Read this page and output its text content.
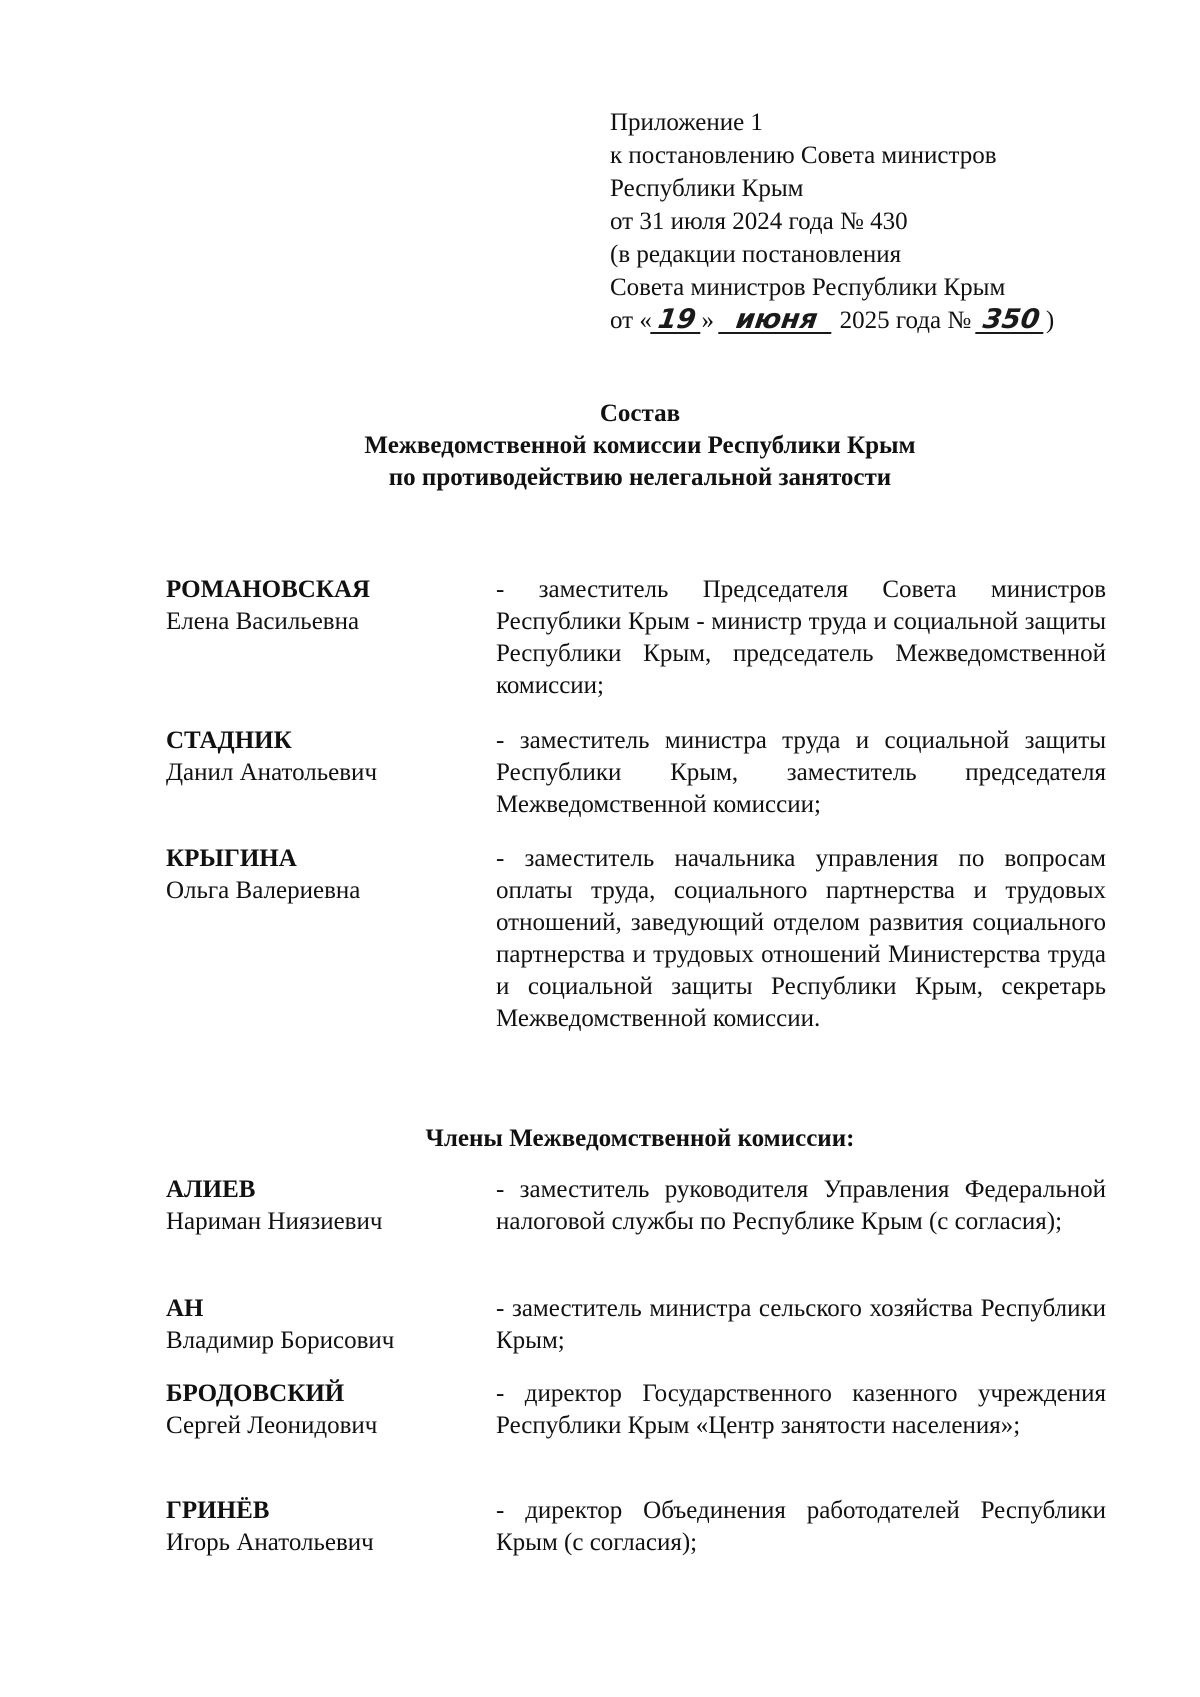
Приложение 1
к постановлению Совета министров
Республики Крым
от 31 июля 2024 года № 430
(в редакции постановления
Совета министров Республики Крым
от « 19 » июня 2025 года № 350 )
Состав
Межведомственной комиссии Республики Крым
по противодействию нелегальной занятости
РОМАНОВСКАЯ
Елена Васильевна
- заместитель Председателя Совета министров Республики Крым - министр труда и социальной защиты Республики Крым, председатель Межведомственной комиссии;
СТАДНИК
Данил Анатольевич
- заместитель министра труда и социальной защиты Республики Крым, заместитель председателя Межведомственной комиссии;
КРЫГИНА
Ольга Валериевна
- заместитель начальника управления по вопросам оплаты труда, социального партнерства и трудовых отношений, заведующий отделом развития социального партнерства и трудовых отношений Министерства труда и социальной защиты Республики Крым, секретарь Межведомственной комиссии.
Члены Межведомственной комиссии:
АЛИЕВ
Нариман Ниязиевич
- заместитель руководителя Управления Федеральной налоговой службы по Республике Крым (с согласия);
АН
Владимир Борисович
- заместитель министра сельского хозяйства Республики Крым;
БРОДОВСКИЙ
Сергей Леонидович
- директор Государственного казенного учреждения Республики Крым «Центр занятости населения»;
ГРИНЁВ
Игорь Анатольевич
- директор Объединения работодателей Республики Крым (с согласия);
